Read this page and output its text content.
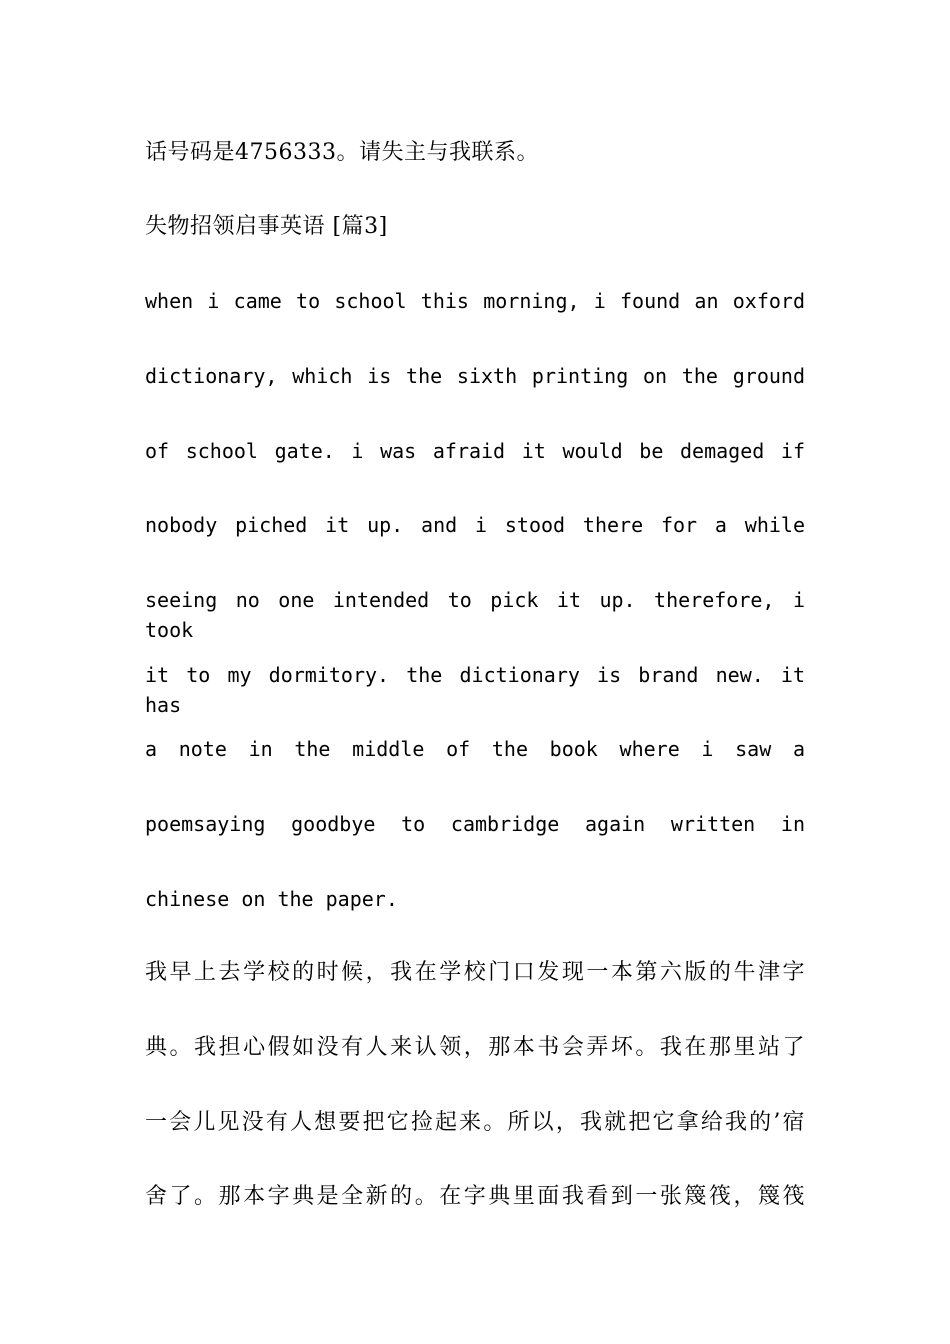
话号码是4756333。请失主与我联系。

失物招领启事英语 [篇3]

when i came to school this morning, i found an oxford

dictionary, which is the sixth printing on the ground

of school gate. i was afraid it would be demaged if

nobody piched it up. and i stood there for a while

seeing no one intended to pick it up. therefore, i took

it to my dormitory. the dictionary is brand new. it has

a note in the middle of the book where i saw a

poemsaying goodbye to cambridge again written in

chinese on the paper.

我早上去学校的时候，我在学校门口发现一本第六版的牛津字

典。我担心假如没有人来认领，那本书会弄坏。我在那里站了

一会儿见没有人想要把它捡起来。所以，我就把它拿给我的’宿

舍了。那本字典是全新的。在字典里面我看到一张篾筏，篾筏
